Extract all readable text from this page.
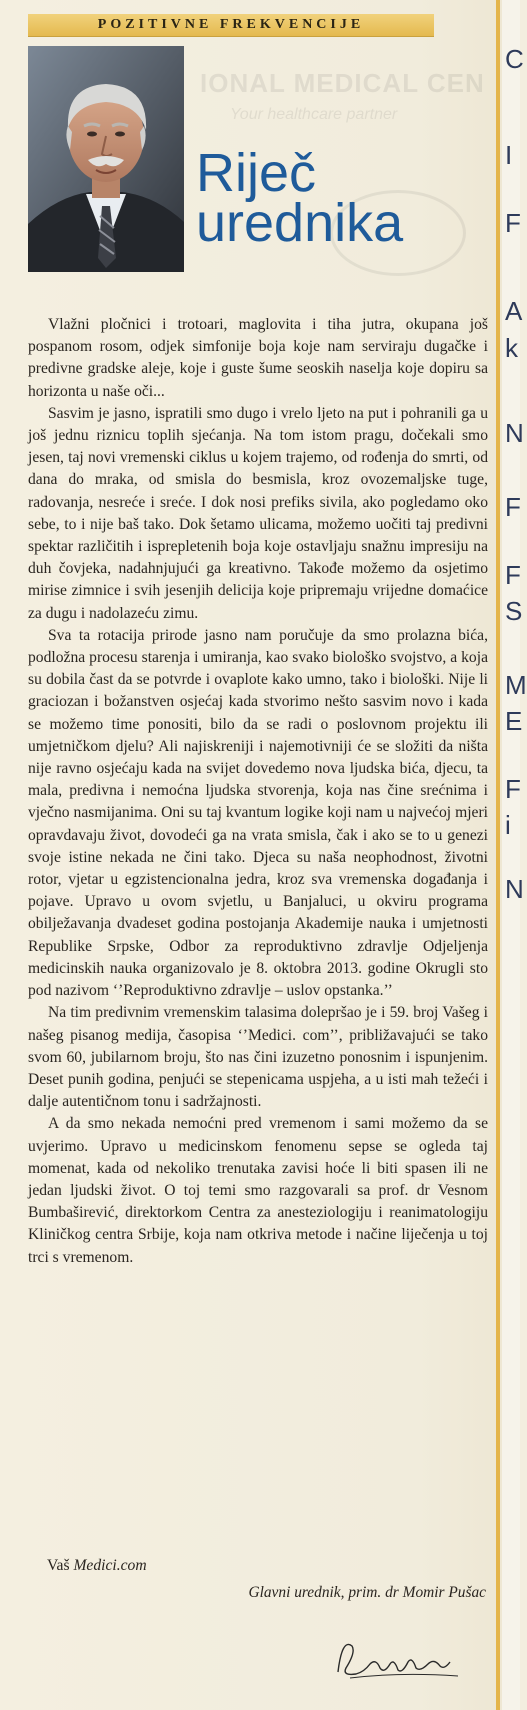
IONAL MEDICAL CEN
Your healthcare partner
POZITIVNE FREKVENCIJE
Riječ
urednika

Vlažni pločnici i trotoari, maglovita i tiha jutra, okupana još pospanom rosom, odjek simfonije boja koje nam serviraju dugačke i predivne gradske aleje, koje i guste šume seoskih naselja koje dopiru sa horizonta u naše oči...

Sasvim je jasno, ispratili smo dugo i vrelo ljeto na put i pohranili ga u još jednu riznicu toplih sjećanja. Na tom istom pragu, dočekali smo jesen, taj novi vremenski ciklus u kojem trajemo, od rođenja do smrti, od dana do mraka, od smisla do besmisla, kroz ovozemaljske tuge, radovanja, nesreće i sreće. I dok nosi prefiks sivila, ako pogledamo oko sebe, to i nije baš tako. Dok šetamo ulicama, možemo uočiti taj predivni spektar različitih i isprepletenih boja koje ostavljaju snažnu impresiju na duh čovjeka, nadahnjujući ga kreativno. Takođe možemo da osjetimo mirise zimnice i svih jesenjih delicija koje pripremaju vrijedne domaćice za dugu i nadolazeću zimu.

Sva ta rotacija prirode jasno nam poručuje da smo prolazna bića, podložna procesu starenja i umiranja, kao svako biološko svojstvo, a koja su dobila čast da se potvrde i ovaplote kako umno, tako i biološki. Nije li graciozan i božanstven osjećaj kada stvorimo nešto sasvim novo i kada se možemo time ponositi, bilo da se radi o poslovnom projektu ili umjetničkom djelu? Ali najiskreniji i najemotivniji će se složiti da ništa nije ravno osjećaju kada na svijet dovedemo nova ljudska bića, djecu, ta mala, predivna i nemoćna ljudska stvorenja, koja nas čine srećnima i vječno nasmijanima. Oni su taj kvantum logike koji nam u najvećoj mjeri opravdavaju život, dovodeći ga na vrata smisla, čak i ako se to u genezi svoje istine nekada ne čini tako. Djeca su naša neophodnost, životni rotor, vjetar u egzistencionalna jedra, kroz sva vremenska događanja i pojave. Upravo u ovom svjetlu, u Banjaluci, u okviru programa obilježavanja dvadeset godina postojanja Akademije nauka i umjetnosti Republike Srpske, Odbor za reproduktivno zdravlje Odjeljenja medicinskih nauka organizovalo je 8. oktobra 2013. godine Okrugli sto pod nazivom ‘’Reproduktivno zdravlje – uslov opstanka.’’

Na tim predivnim vremenskim talasima dolepršao je i 59. broj Vašeg i našeg pisanog medija, časopisa ‘’Medici. com’’, približavajući se tako svom 60, jubilarnom broju, što nas čini izuzetno ponosnim i ispunjenim. Deset punih godina, penjući se stepenicama uspjeha, a u isti mah težeći i dalje autentičnom tonu i sadržajnosti.

A da smo nekada nemoćni pred vremenom i sami možemo da se uvjerimo. Upravo u medicinskom fenomenu sepse se ogleda taj momenat, kada od nekoliko trenutaka zavisi hoće li biti spasen ili ne jedan ljudski život. O toj temi smo razgovarali sa prof. dr Vesnom Bumbaširević, direktorkom Centra za anesteziologiju i reanimatologiju Kliničkog centra Srbije, koja nam otkriva metode i načine liječenja u toj trci s vremenom.

Vaš Medici.com
Glavni urednik, prim. dr Momir Pušac
C
I
F
A
k
N
F
F
S
M
E
F
i
N
